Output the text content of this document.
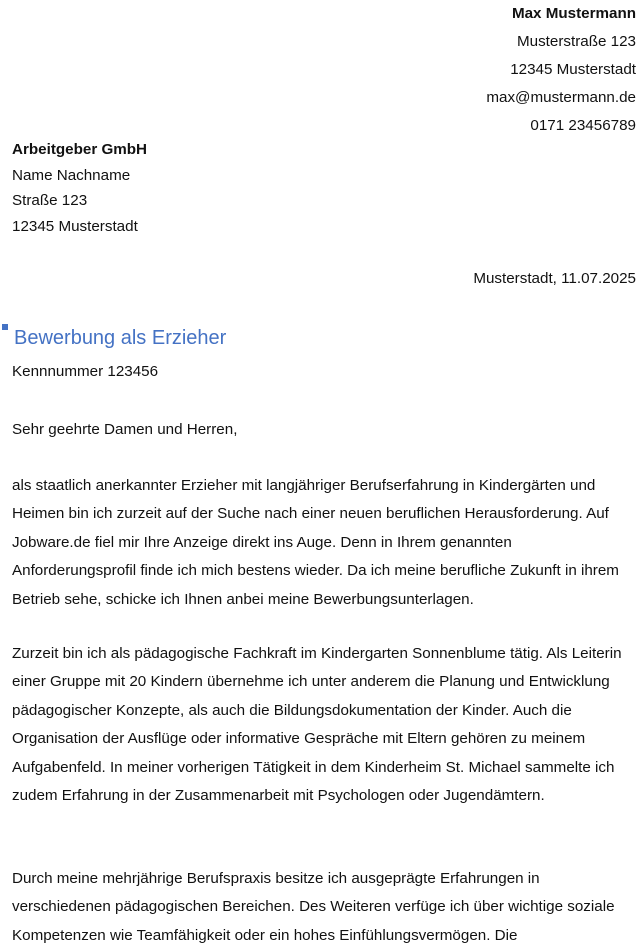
Max Mustermann
Musterstraße 123
12345 Musterstadt
max@mustermann.de
0171 23456789
Arbeitgeber GmbH
Name Nachname
Straße 123
12345 Musterstadt
Musterstadt, 11.07.2025
Bewerbung als Erzieher
Kennnummer 123456
Sehr geehrte Damen und Herren,

als staatlich anerkannter Erzieher mit langjähriger Berufserfahrung in Kindergärten und Heimen bin ich zurzeit auf der Suche nach einer neuen beruflichen Herausforderung. Auf Jobware.de fiel mir Ihre Anzeige direkt ins Auge. Denn in Ihrem genannten Anforderungsprofil finde ich mich bestens wieder. Da ich meine berufliche Zukunft in ihrem Betrieb sehe, schicke ich Ihnen anbei meine Bewerbungsunterlagen.

Zurzeit bin ich als pädagogische Fachkraft im Kindergarten Sonnenblume tätig. Als Leiterin einer Gruppe mit 20 Kindern übernehme ich unter anderem die Planung und Entwicklung pädagogischer Konzepte, als auch die Bildungsdokumentation der Kinder. Auch die Organisation der Ausflüge oder informative Gespräche mit Eltern gehören zu meinem Aufgabenfeld. In meiner vorherigen Tätigkeit in dem Kinderheim St. Michael sammelte ich zudem Erfahrung in der Zusammenarbeit mit Psychologen oder Jugendämtern.

Durch meine mehrjährige Berufspraxis besitze ich ausgeprägte Erfahrungen in verschiedenen pädagogischen Bereichen. Des Weiteren verfüge ich über wichtige soziale Kompetenzen wie Teamfähigkeit oder ein hohes Einfühlungsvermögen. Die
